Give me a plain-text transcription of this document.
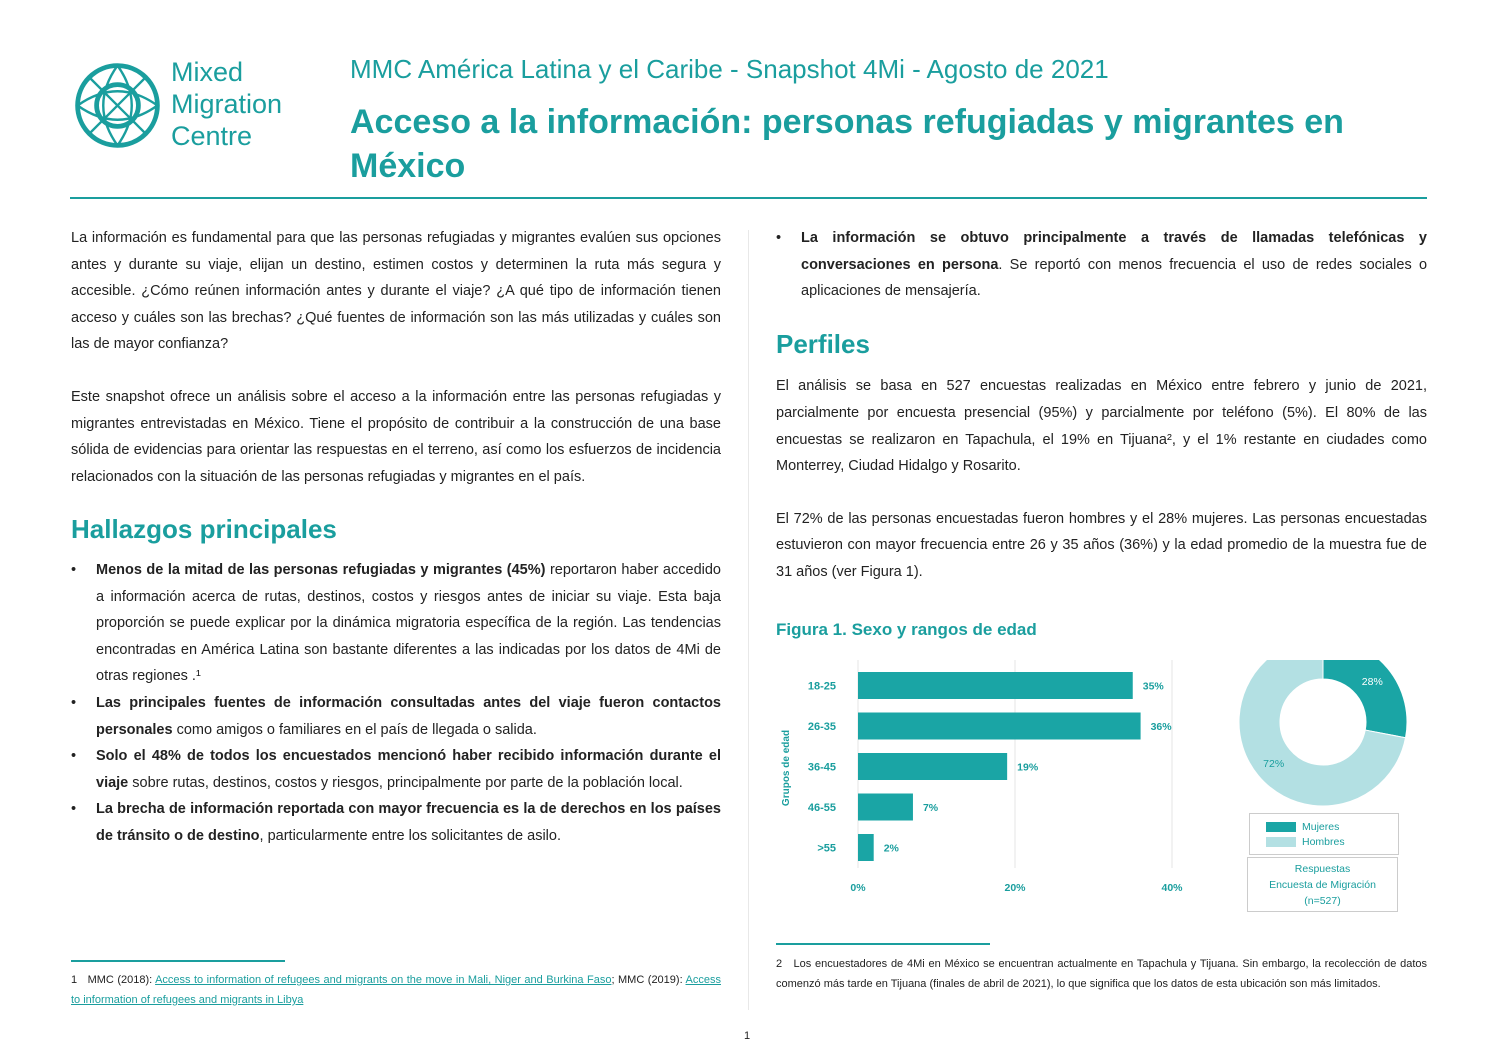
Mixed
Migration
Centre
MMC América Latina y el Caribe - Snapshot 4Mi - Agosto de 2021
Acceso a la información: personas refugiadas y migrantes en México

La información es fundamental para que las personas refugiadas y migrantes evalúen sus opciones antes y durante su viaje, elijan un destino, estimen costos y determinen la ruta más segura y accesible. ¿Cómo reúnen información antes y durante el viaje? ¿A qué tipo de información tienen acceso y cuáles son las brechas? ¿Qué fuentes de información son las más utilizadas y cuáles son las de mayor confianza?

Este snapshot ofrece un análisis sobre el acceso a la información entre las personas refugiadas y migrantes entrevistadas en México. Tiene el propósito de contribuir a la construcción de una base sólida de evidencias para orientar las respuestas en el terreno, así como los esfuerzos de incidencia relacionados con la situación de las personas refugiadas y migrantes en el país.

Hallazgos principales
• Menos de la mitad de las personas refugiadas y migrantes (45%) reportaron haber accedido a información acerca de rutas, destinos, costos y riesgos antes de iniciar su viaje. Esta baja proporción se puede explicar por la dinámica migratoria específica de la región. Las tendencias encontradas en América Latina son bastante diferentes a las indicadas por los datos de 4Mi de otras regiones .¹
• Las principales fuentes de información consultadas antes del viaje fueron contactos personales como amigos o familiares en el país de llegada o salida.
• Solo el 48% de todos los encuestados mencionó haber recibido información durante el viaje sobre rutas, destinos, costos y riesgos, principalmente por parte de la población local.
• La brecha de información reportada con mayor frecuencia es la de derechos en los países de tránsito o de destino, particularmente entre los solicitantes de asilo.
1 MMC (2018): Access to information of refugees and migrants on the move in Mali, Niger and Burkina Faso; MMC (2019): Access to information of refugees and migrants in Libya
• La información se obtuvo principalmente a través de llamadas telefónicas y conversaciones en persona. Se reportó con menos frecuencia el uso de redes sociales o aplicaciones de mensajería.
Perfiles

El análisis se basa en 527 encuestas realizadas en México entre febrero y junio de 2021, parcialmente por encuesta presencial (95%) y parcialmente por teléfono (5%). El 80% de las encuestas se realizaron en Tapachula, el 19% en Tijuana², y el 1% restante en ciudades como Monterrey, Ciudad Hidalgo y Rosarito.

El 72% de las personas encuestadas fueron hombres y el 28% mujeres. Las personas encuestadas estuvieron con mayor frecuencia entre 26 y 35 años (36%) y la edad promedio de la muestra fue de 31 años (ver Figura 1).

Figura 1. Sexo y rangos de edad
0%	20%	40%
Grupos de edad
18-25	35%
26-35	36%
36-45	19%
46-55	7%
>55	2%
28%
72%
Mujeres
Hombres
Respuestas
Encuesta de Migración
(n=527)
2 Los encuestadores de 4Mi en México se encuentran actualmente en Tapachula y Tijuana. Sin embargo, la recolección de datos comenzó más tarde en Tijuana (finales de abril de 2021), lo que significa que los datos de esta ubicación son más limitados.
1
